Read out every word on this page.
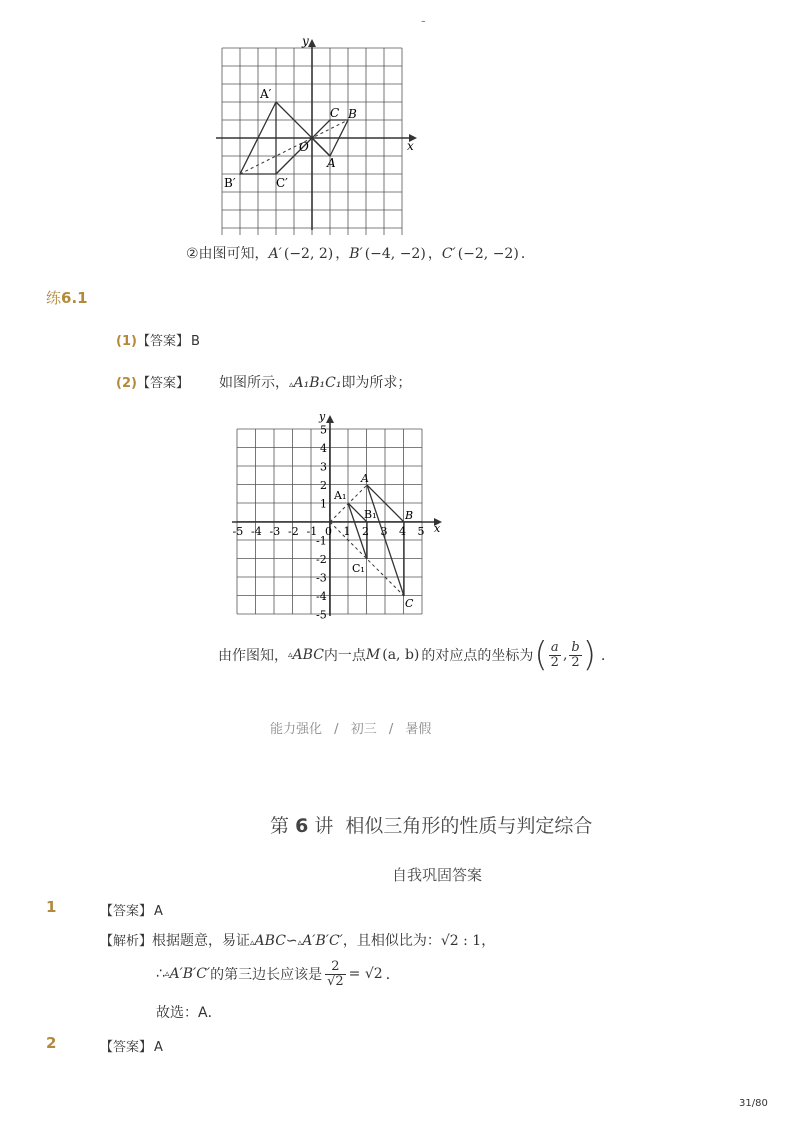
-
y
x
O
A
B
C
A′
B′	C′
②由图可知，A′ (−2, 2) ，B′ (−4, −2) ，C′ (−2, −2) ．
练6.1
(1)【答案】 B
(2)【答案】 如图所示，▵A₁B₁C₁即为所求；
-5 -4 -3 -2 -1 0 1 2 3 4 5
5
4
3
2
1
-1
-2
-3
-4
-5
y
x
A
B
C
A₁
B₁
C₁
由作图知， ▵ ABC 内一点 M (a, b) 的对应点的坐标为 ( $\frac{a}{2}$ , $\frac{b}{2}$ ) ．
能力强化 / 初三 / 暑假
第 6 讲  相似三角形的性质与判定综合
自我巩固答案
1	【答案】 A
【解析】根据题意，易证▵ABC∽▵A′B′C′，且相似比为：√2 : 1，
∴ ▵ A′B′C′ 的第三边长应该是 $\frac{2}{√2} = √2$ ．
故选：A．
2	【答案】 A
31/80
